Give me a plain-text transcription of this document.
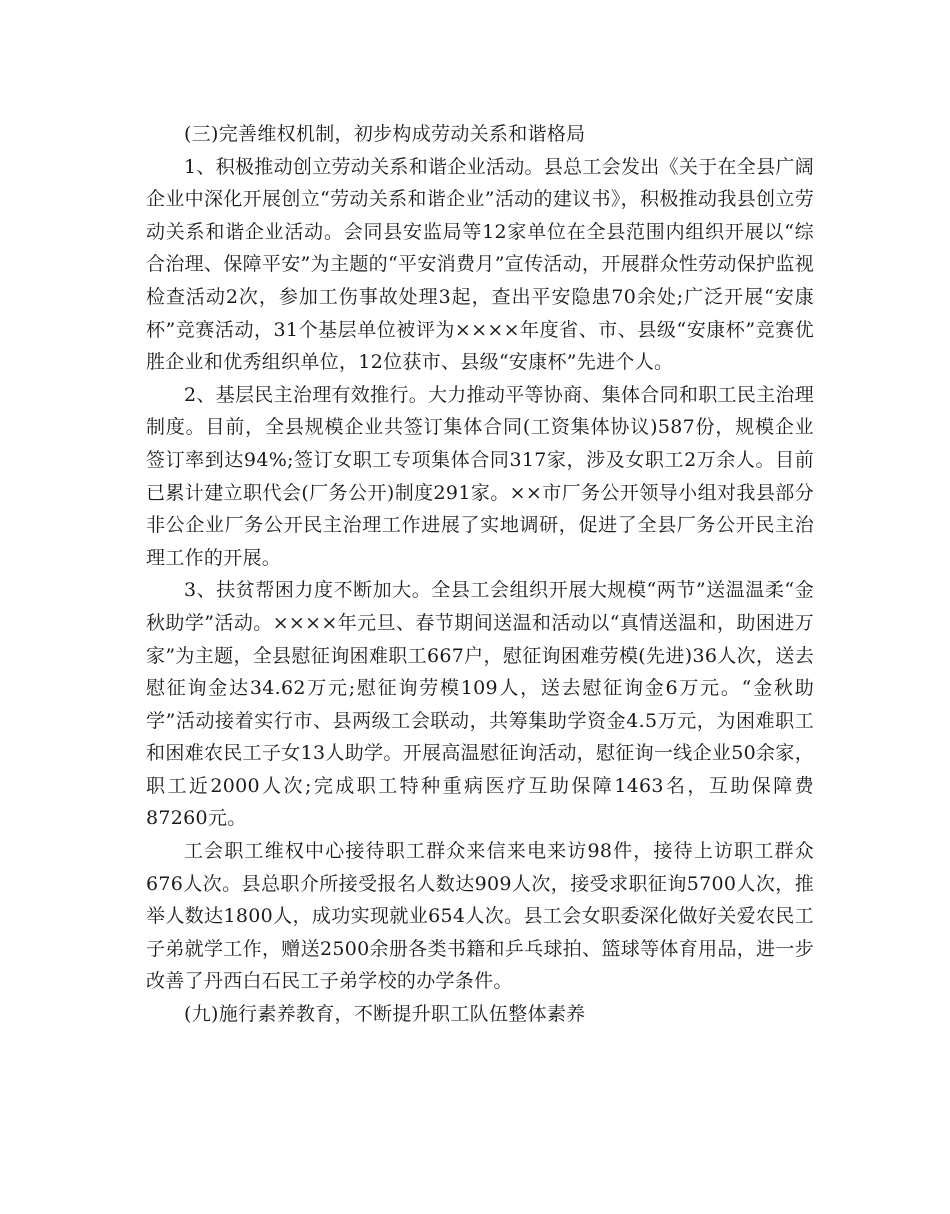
(三)完善维权机制，初步构成劳动关系和谐格局

1、积极推动创立劳动关系和谐企业活动。县总工会发出《关于在全县广阔企业中深化开展创立“劳动关系和谐企业”活动的建议书》，积极推动我县创立劳动关系和谐企业活动。会同县安监局等12家单位在全县范围内组织开展以“综合治理、保障平安”为主题的“平安消费月”宣传活动，开展群众性劳动保护监视检查活动2次，参加工伤事故处理3起，查出平安隐患70余处;广泛开展“安康杯”竞赛活动，31个基层单位被评为××××年度省、市、县级“安康杯”竞赛优胜企业和优秀组织单位，12位获市、县级“安康杯”先进个人。

2、基层民主治理有效推行。大力推动平等协商、集体合同和职工民主治理制度。目前，全县规模企业共签订集体合同(工资集体协议)587份，规模企业签订率到达94%;签订女职工专项集体合同317家，涉及女职工2万余人。目前已累计建立职代会(厂务公开)制度291家。××市厂务公开领导小组对我县部分非公企业厂务公开民主治理工作进展了实地调研，促进了全县厂务公开民主治理工作的开展。

3、扶贫帮困力度不断加大。全县工会组织开展大规模“两节”送温温柔“金秋助学”活动。××××年元旦、春节期间送温和活动以“真情送温和，助困进万家”为主题，全县慰征询困难职工667户，慰征询困难劳模(先进)36人次，送去慰征询金达34.62万元;慰征询劳模109人，送去慰征询金6万元。“金秋助学”活动接着实行市、县两级工会联动，共筹集助学资金4.5万元，为困难职工和困难农民工子女13人助学。开展高温慰征询活动，慰征询一线企业50余家，职工近2000人次;完成职工特种重病医疗互助保障1463名，互助保障费87260元。

工会职工维权中心接待职工群众来信来电来访98件，接待上访职工群众676人次。县总职介所接受报名人数达909人次，接受求职征询5700人次，推举人数达1800人，成功实现就业654人次。县工会女职委深化做好关爱农民工子弟就学工作，赠送2500余册各类书籍和乒乓球拍、篮球等体育用品，进一步改善了丹西白石民工子弟学校的办学条件。

(九)施行素养教育，不断提升职工队伍整体素养
